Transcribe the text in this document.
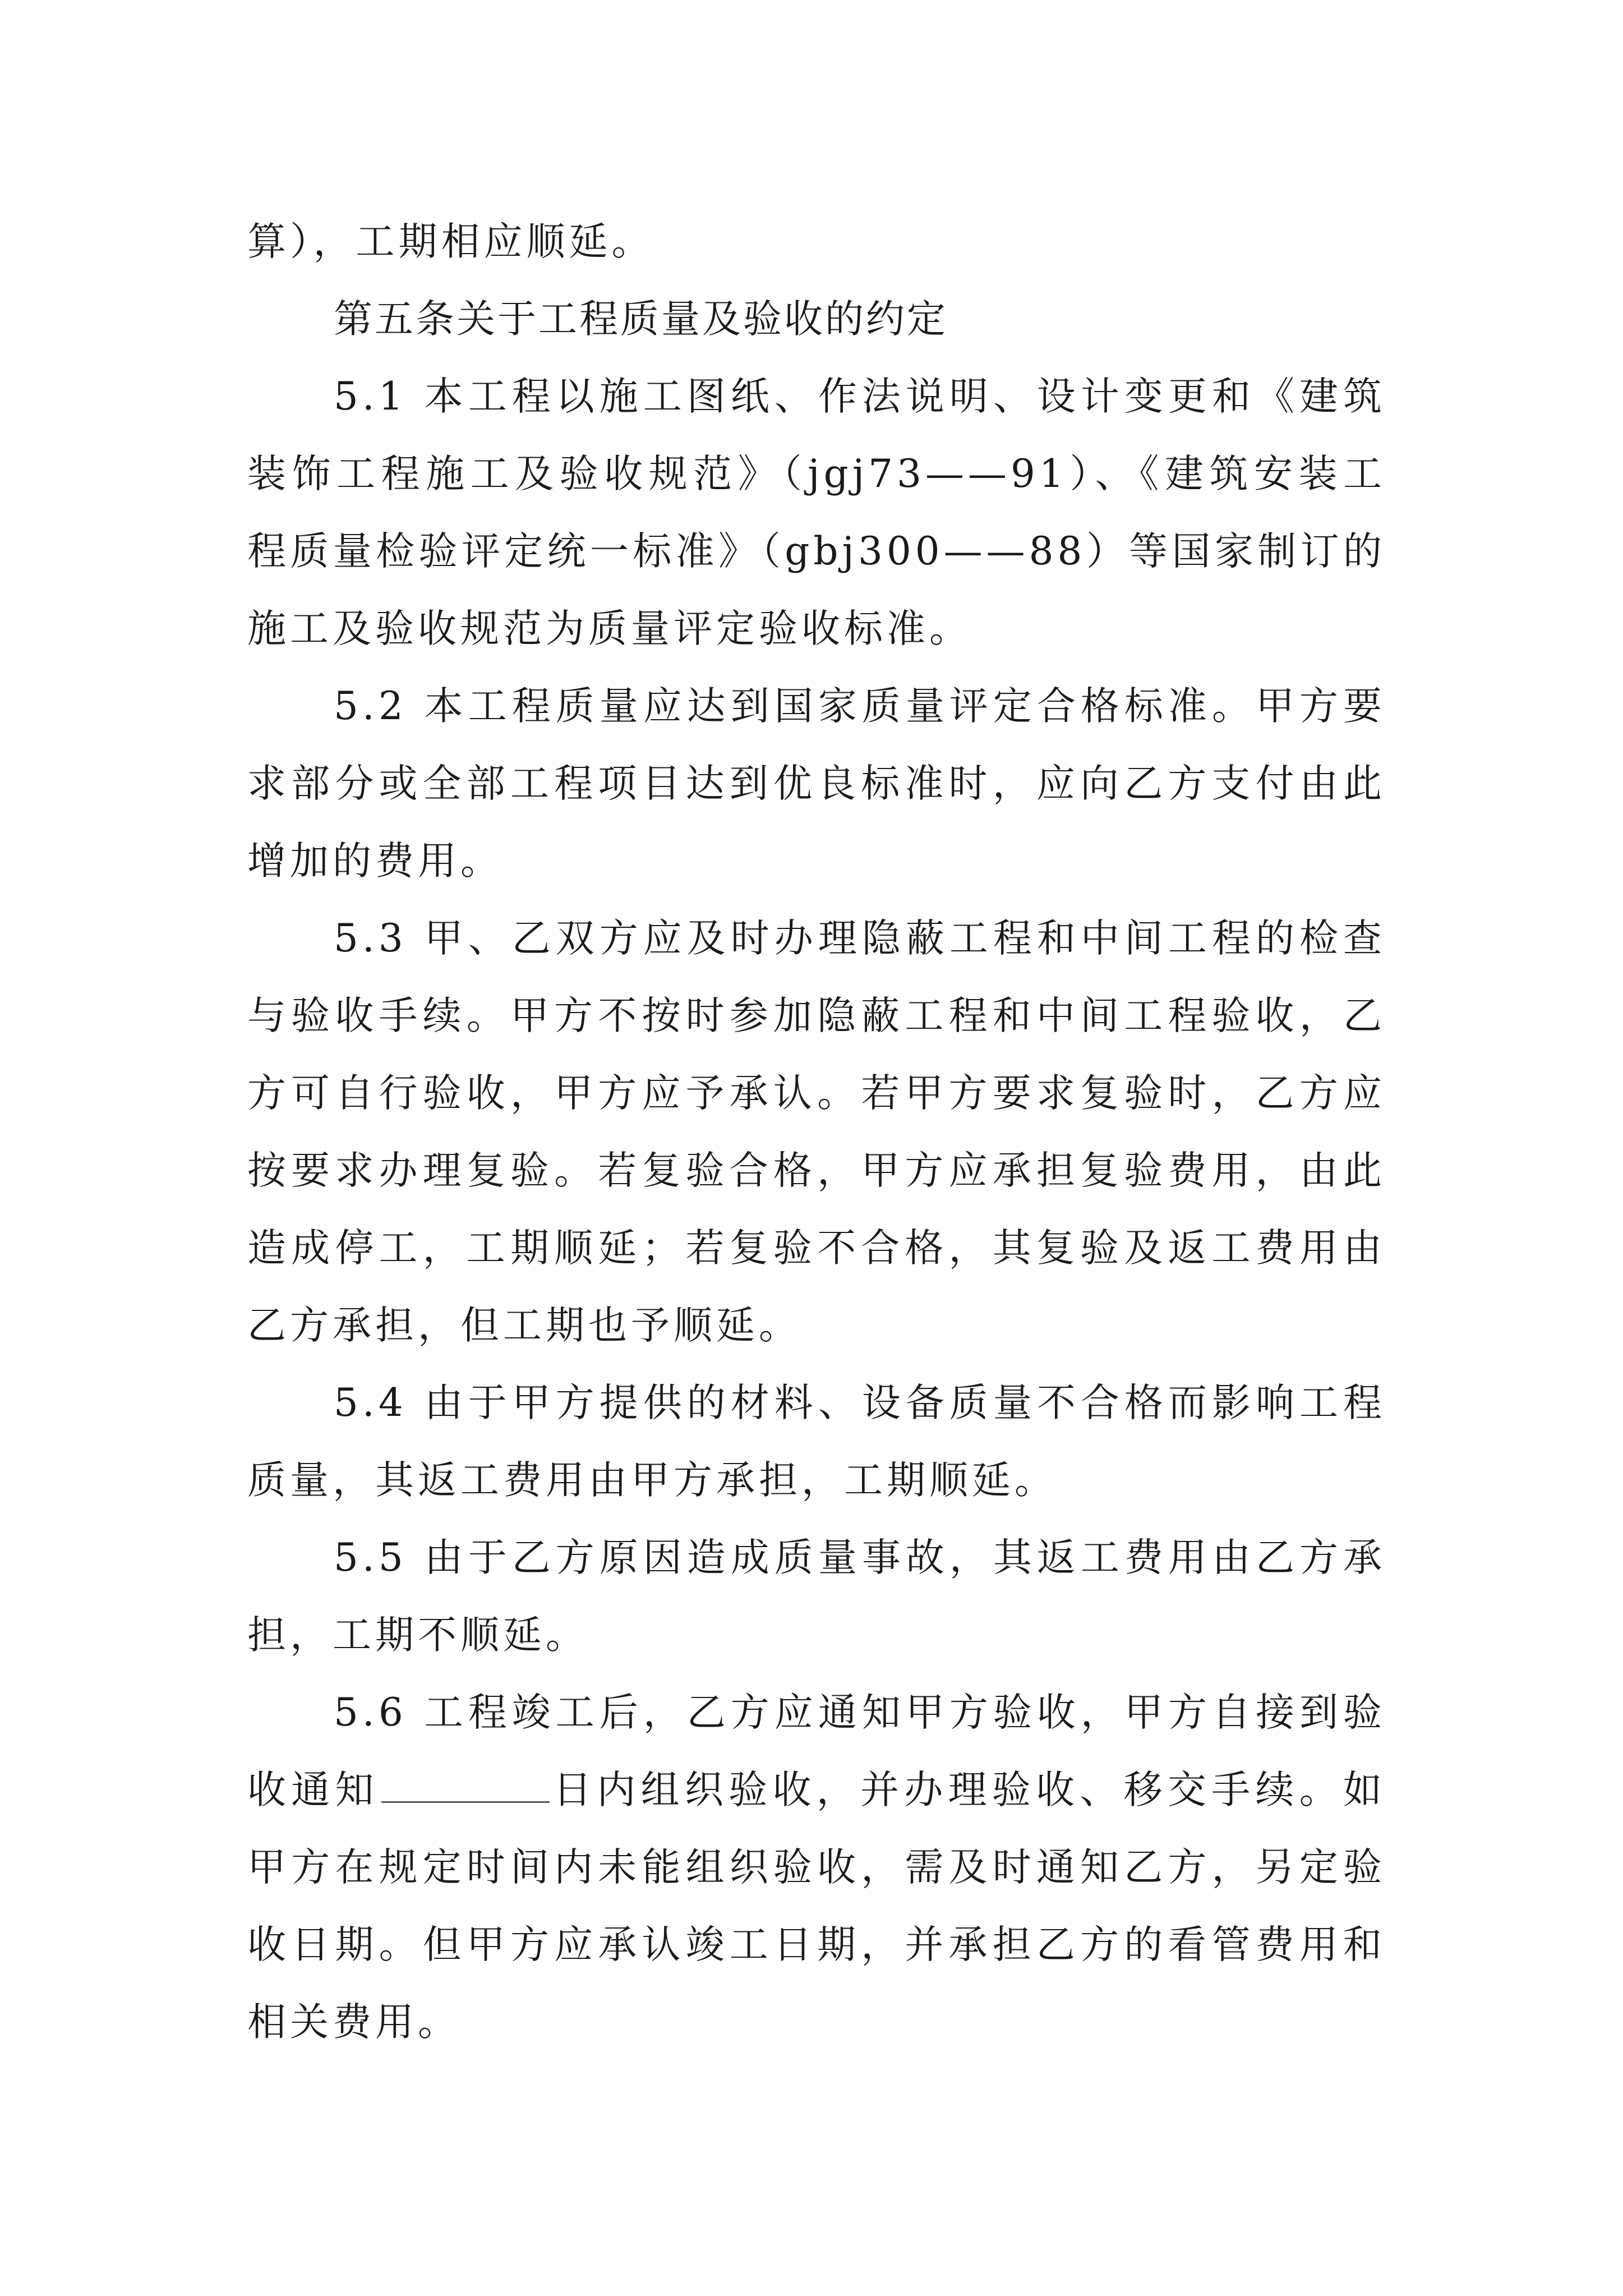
算），工期相应顺延。

第五条关于工程质量及验收的约定

5.1 本工程以施工图纸、作法说明、设计变更和《建筑装饰工程施工及验收规范》（jgj73——91）、《建筑安装工程质量检验评定统一标准》（gbj300——88）等国家制订的施工及验收规范为质量评定验收标准。

5.2 本工程质量应达到国家质量评定合格标准。甲方要求部分或全部工程项目达到优良标准时，应向乙方支付由此增加的费用。

5.3 甲、乙双方应及时办理隐蔽工程和中间工程的检查与验收手续。甲方不按时参加隐蔽工程和中间工程验收，乙方可自行验收，甲方应予承认。若甲方要求复验时，乙方应按要求办理复验。若复验合格，甲方应承担复验费用，由此造成停工，工期顺延；若复验不合格，其复验及返工费用由乙方承担，但工期也予顺延。

5.4 由于甲方提供的材料、设备质量不合格而影响工程质量，其返工费用由甲方承担，工期顺延。

5.5 由于乙方原因造成质量事故，其返工费用由乙方承担，工期不顺延。

5.6 工程竣工后，乙方应通知甲方验收，甲方自接到验收通知	日内组织验收，并办理验收、移交手续。如甲方在规定时间内未能组织验收，需及时通知乙方，另定验收日期。但甲方应承认竣工日期，并承担乙方的看管费用和相关费用。
